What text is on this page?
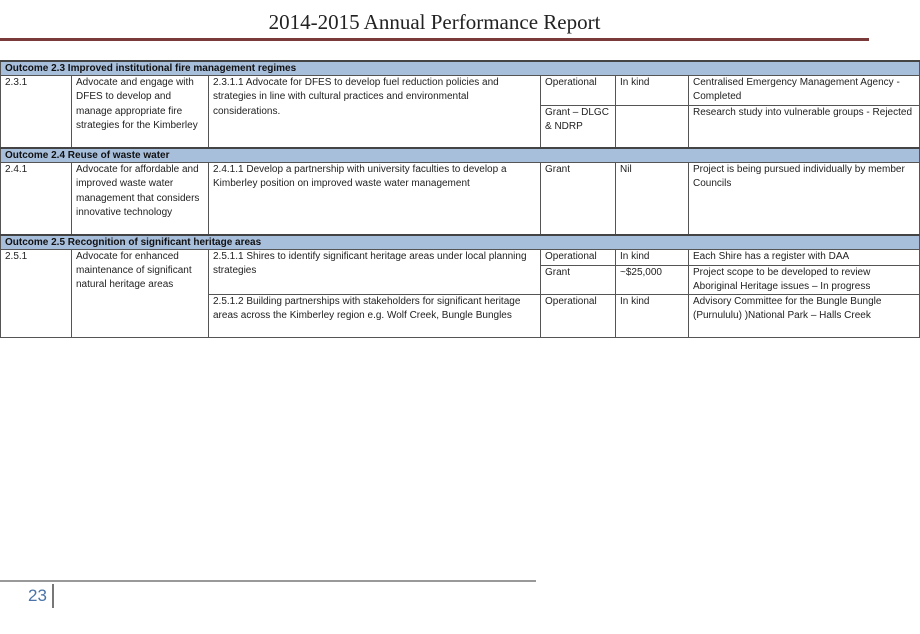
2014-2015 Annual Performance Report
Outcome 2.3 Improved institutional fire management regimes					
2.3.1	Advocate and engage with DFES to develop and manage appropriate fire strategies for the Kimberley	2.3.1.1 Advocate for DFES to develop fuel reduction policies and strategies in line with cultural practices and environmental considerations.	Operational	In kind	Centralised Emergency Management Agency - Completed
			Grant – DLGC & NDRP		Research study into vulnerable groups - Rejected
Outcome 2.4 Reuse of waste water					
2.4.1	Advocate for affordable and improved waste water management that considers innovative technology	2.4.1.1 Develop a partnership with university faculties to develop a Kimberley position on improved waste water management	Grant	Nil	Project is being pursued individually by member Councils
Outcome 2.5 Recognition of significant heritage areas					
2.5.1	Advocate for enhanced maintenance of significant natural heritage areas	2.5.1.1 Shires to identify significant heritage areas under local planning strategies	Operational	In kind	Each Shire has a register with DAA
			Grant	~$25,000	Project scope to be developed to review Aboriginal Heritage issues – In progress
		2.5.1.2 Building partnerships with stakeholders for significant heritage areas across the Kimberley region e.g. Wolf Creek, Bungle Bungles	Operational	In kind	Advisory Committee for the Bungle Bungle (Purnululu) )National Park – Halls Creek
23
